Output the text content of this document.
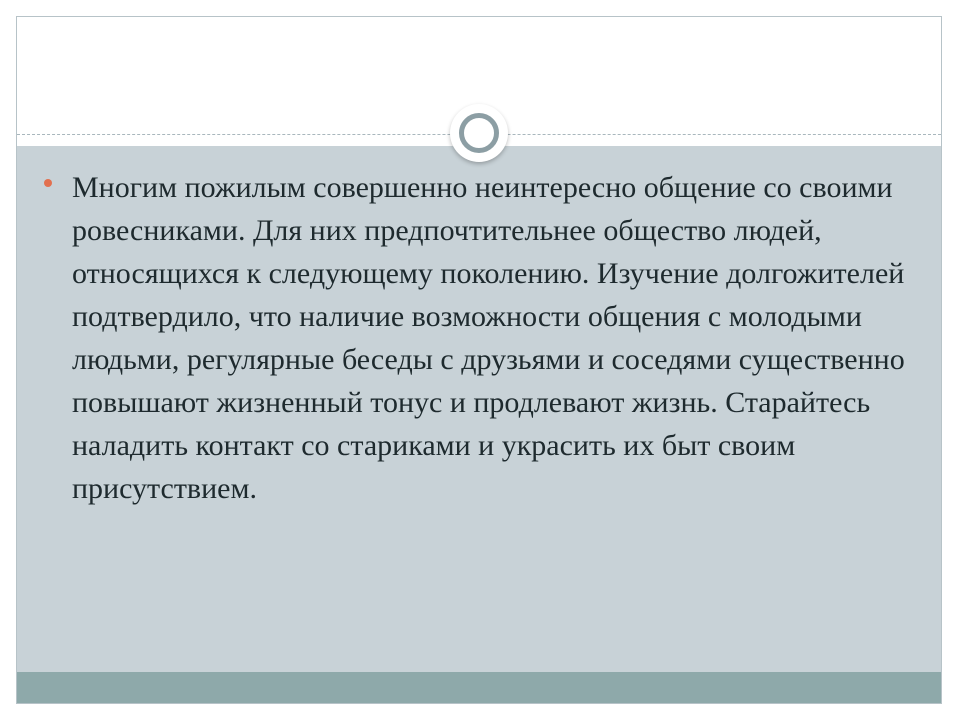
Многим пожилым совершенно неинтересно общение со своими ровесниками. Для них предпочтительнее общество людей, относящихся к следующему поколению. Изучение долгожителей подтвердило, что наличие возможности общения с молодыми людьми, регулярные беседы с друзьями и соседями существенно повышают жизненный тонус и продлевают жизнь. Старайтесь наладить контакт со стариками и украсить их быт своим присутствием.
